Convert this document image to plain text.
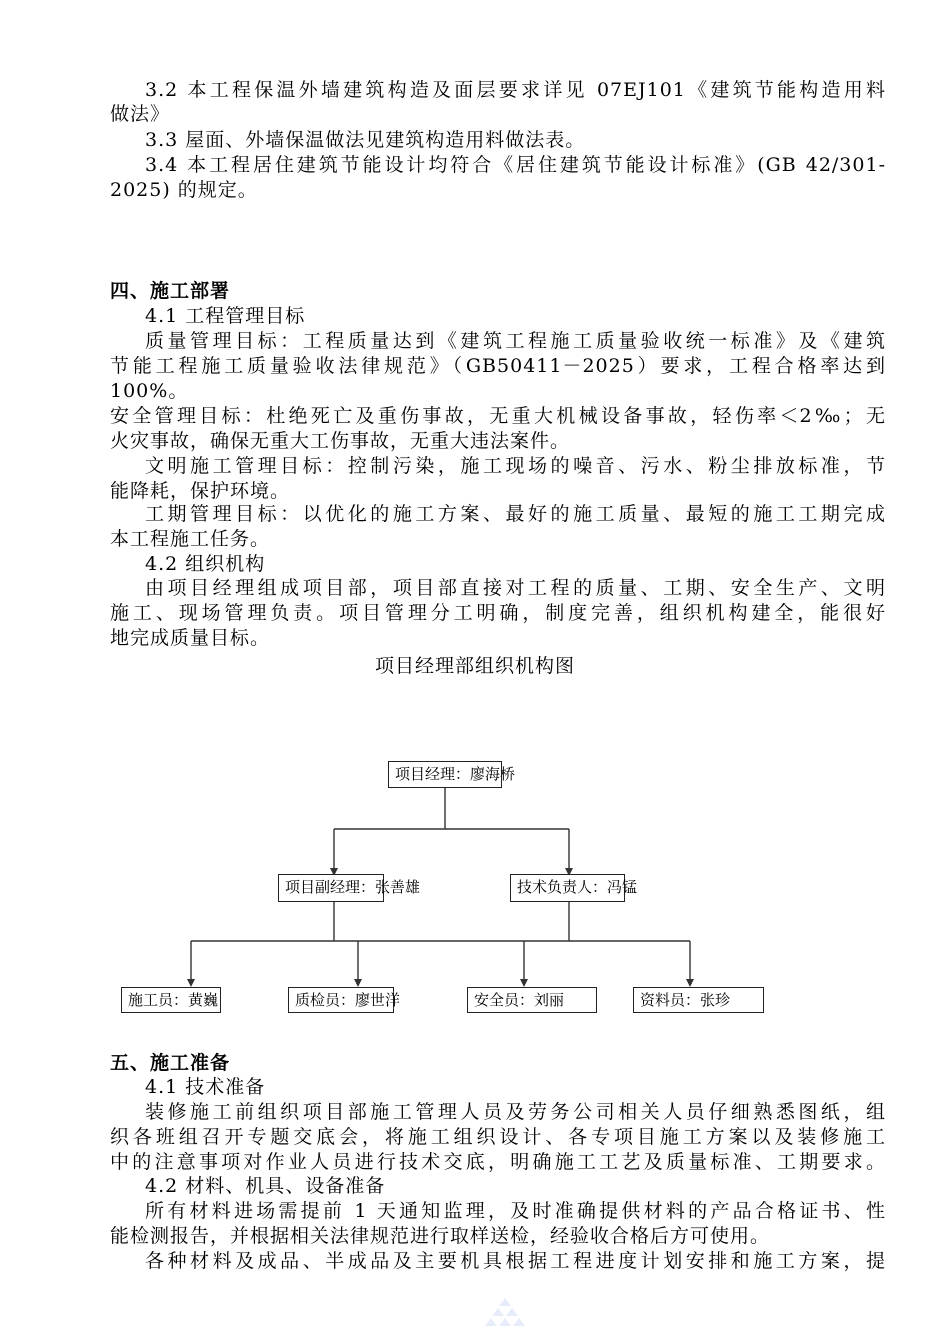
3.2 本工程保温外墙建筑构造及面层要求详见 07EJ101《建筑节能构造用料
做法》
3.3 屋面、外墙保温做法见建筑构造用料做法表。
3.4 本工程居住建筑节能设计均符合《居住建筑节能设计标准》(GB 42/301-
2025) 的规定。
四、施工部署
4.1 工程管理目标
质量管理目标：工程质量达到《建筑工程施工质量验收统一标准》及《建筑
节能工程施工质量验收法律规范》（GB50411－2025）要求，工程合格率达到
100%。
安全管理目标：杜绝死亡及重伤事故，无重大机械设备事故，轻伤率＜2‰；无
火灾事故，确保无重大工伤事故，无重大违法案件。
文明施工管理目标：控制污染，施工现场的噪音、污水、粉尘排放标准，节
能降耗，保护环境。
工期管理目标：以优化的施工方案、最好的施工质量、最短的施工工期完成
本工程施工任务。
4.2 组织机构
由项目经理组成项目部，项目部直接对工程的质量、工期、安全生产、文明
施工、现场管理负责。项目管理分工明确，制度完善，组织机构建全，能很好
地完成质量目标。
项目经理部组织机构图
项目经理：廖海桥
项目副经理：张善雄	技术负责人：冯锰
施工员：黄巍	质检员：廖世洋	安全员：刘丽	资料员：张珍
五、施工准备
4.1 技术准备
装修施工前组织项目部施工管理人员及劳务公司相关人员仔细熟悉图纸，组
织各班组召开专题交底会，将施工组织设计、各专项目施工方案以及装修施工
中的注意事项对作业人员进行技术交底，明确施工工艺及质量标准、工期要求。
4.2 材料、机具、设备准备
所有材料进场需提前 1 天通知监理，及时准确提供材料的产品合格证书、性
能检测报告，并根据相关法律规范进行取样送检，经验收合格后方可使用。
各种材料及成品、半成品及主要机具根据工程进度计划安排和施工方案，提
